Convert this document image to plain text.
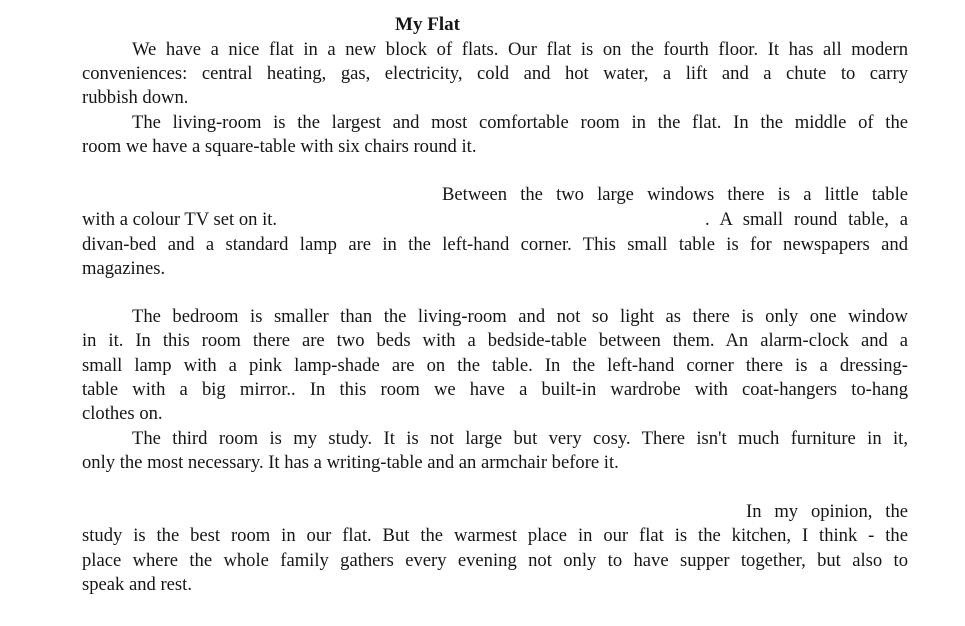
My Flat
We have a nice flat in a new block of flats. Our flat is on the fourth floor. It has all modern
conveniences: central heating, gas, electricity, cold and hot water, a lift and a chute to carry
rubbish down.
The living-room is the largest and most comfortable room in the flat. In the middle of the
room we have a square-table with six chairs round it.
Between the two large windows there is a little table
with a colour TV set on it.	. A small round table, a
divan-bed and a standard lamp are in the left-hand corner. This small table is for newspapers and
magazines.
The bedroom is smaller than the living-room and not so light as there is only one window
in it. In this room there are two beds with a bedside-table between them. An alarm-clock and a
small lamp with a pink lamp-shade are on the table. In the left-hand corner there is a dressing-
table with a big mirror.. In this room we have a built-in wardrobe with coat-hangers to-hang
clothes on.
The third room is my study. It is not large but very cosy. There isn't much furniture in it,
only the most necessary. It has a writing-table and an armchair before it.
In my opinion, the
study is the best room in our flat. But the warmest place in our flat is the kitchen, I think - the
place where the whole family gathers every evening not only to have supper together, but also to
speak and rest.
